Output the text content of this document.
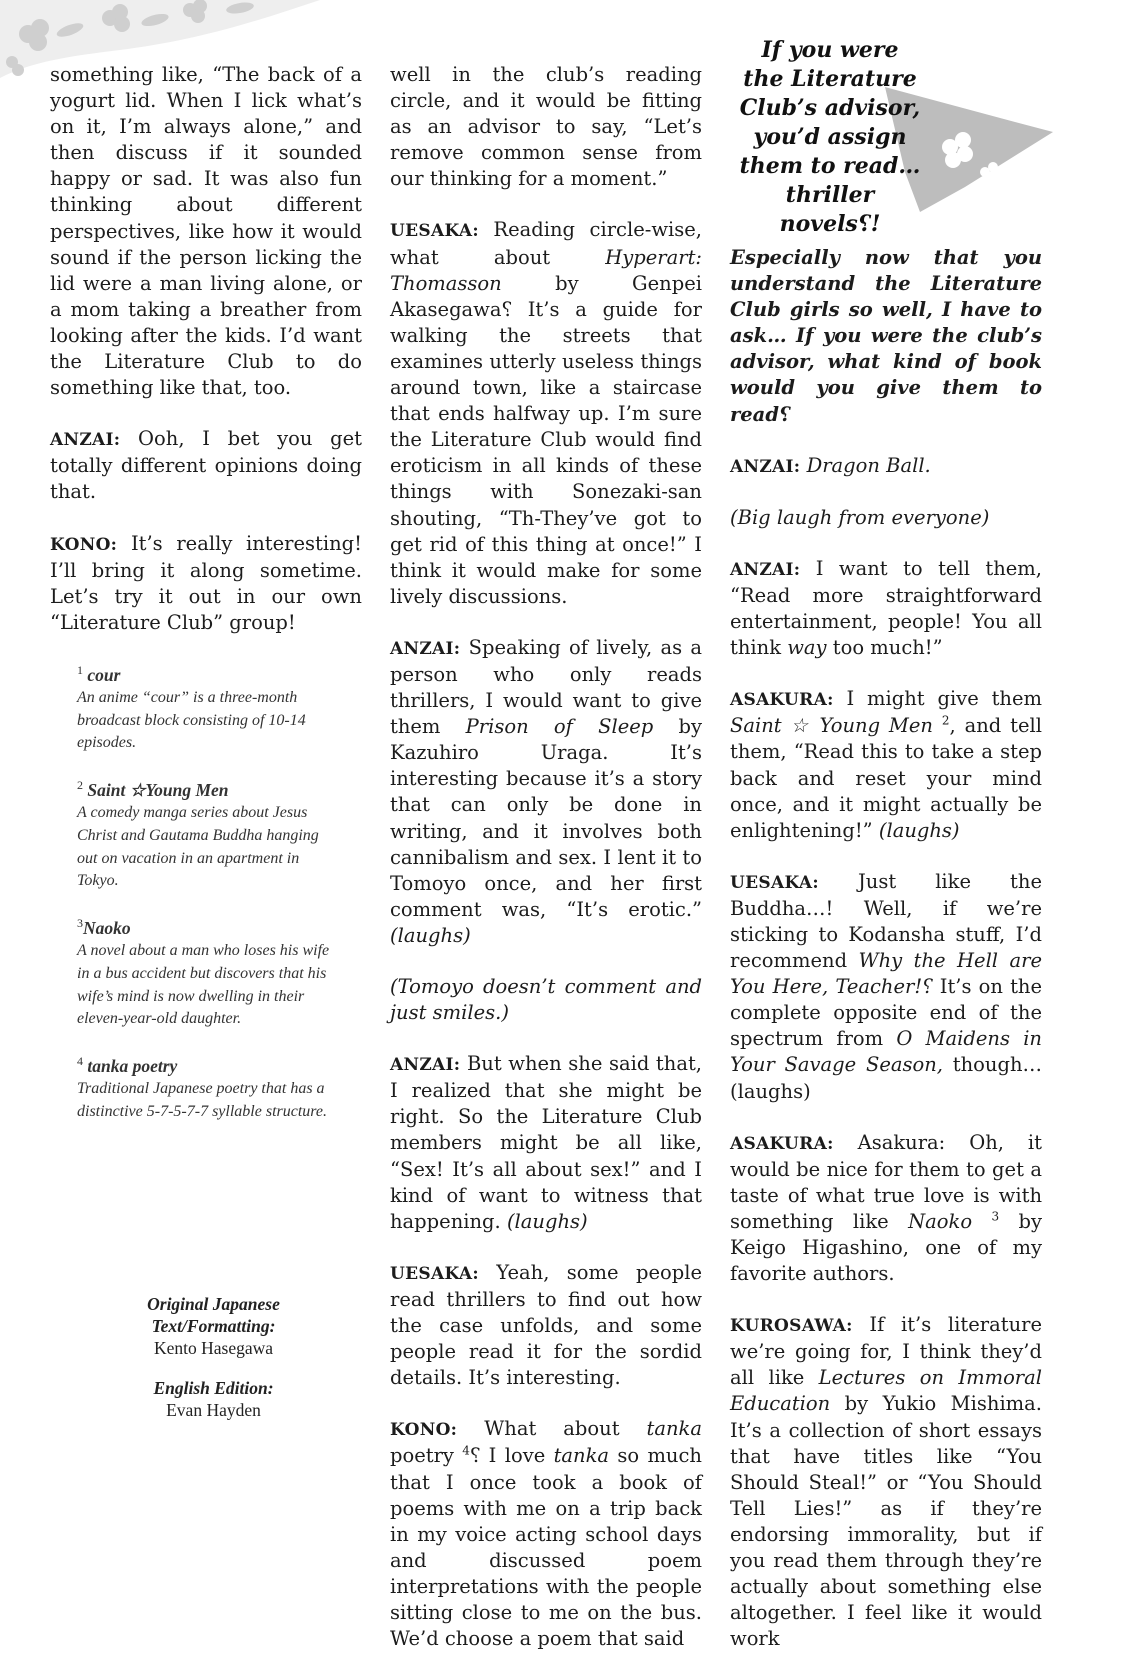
If you were
the Literature
Club’s advisor,
you’d assign
them to read…
thriller novels⸮!

something like, “The back of a yogurt lid. When I lick what’s on it, I’m always alone,” and then discuss if it sounded happy or sad. It was also fun thinking about different perspectives, like how it would sound if the person licking the lid were a man living alone, or a mom taking a breather from looking after the kids. I’d want the Literature Club to do something like that, too.

ANZAI: Ooh, I bet you get totally different opinions doing that.

KONO: It’s really interesting! I’ll bring it along sometime. Let’s try it out in our own “Literature Club” group!

$^1$ cour
An anime “cour” is a three-month broadcast block consisting of 10-14 episodes.
$^2$ Saint ☆Young Men
A comedy manga series about Jesus Christ and Gautama Buddha hanging out on vacation in an apartment in Tokyo.
$^3$Naoko
A novel about a man who loses his wife in a bus accident but discovers that his wife’s mind is now dwelling in their eleven-year-old daughter.
$^4$ tanka poetry
Traditional Japanese poetry that has a distinctive 5-7-5-7-7 syllable structure.
Original Japanese Text/Formatting:
Kento Hasegawa
English Edition:
Evan Hayden

well in the club’s reading circle, and it would be fitting as an advisor to say, “Let’s remove common sense from our thinking for a moment.”

UESAKA: Reading circle-wise, what about Hyperart: Thomasson by Genpei Akasegawa⸮ It’s a guide for walking the streets that examines utterly useless things around town, like a staircase that ends halfway up. I’m sure the Literature Club would find eroticism in all kinds of these things with Sonezaki-san shouting, “Th-They’ve got to get rid of this thing at once!” I think it would make for some lively discussions.

ANZAI: Speaking of lively, as a person who only reads thrillers, I would want to give them Prison of Sleep by Kazuhiro Uraga. It’s interesting because it’s a story that can only be done in writing, and it involves both cannibalism and sex. I lent it to Tomoyo once, and her first comment was, “It’s erotic.” (laughs)

(Tomoyo doesn’t comment and just smiles.)

ANZAI: But when she said that, I realized that she might be right. So the Literature Club members might be all like, “Sex! It’s all about sex!” and I kind of want to witness that happening. (laughs)

UESAKA: Yeah, some people read thrillers to find out how the case unfolds, and some people read it for the sordid details. It’s interesting.

KONO: What about tanka poetry $^4$⸮ I love tanka so much that I once took a book of poems with me on a trip back in my voice acting school days and discussed poem interpretations with the people sitting close to me on the bus. We’d choose a poem that said

Especially now that you understand the Literature Club girls so well, I have to ask… If you were the club’s advisor, what kind of book would you give them to read⸮

ANZAI: Dragon Ball.

(Big laugh from everyone)

ANZAI: I want to tell them, “Read more straightforward entertainment, people! You all think way too much!”

ASAKURA: I might give them Saint ☆ Young Men $^2$, and tell them, “Read this to take a step back and reset your mind once, and it might actually be enlightening!” (laughs)

UESAKA: Just like the Buddha…! Well, if we’re sticking to Kodansha stuff, I’d recommend Why the Hell are You Here, Teacher!⸮ It’s on the complete opposite end of the spectrum from O Maidens in Your Savage Season, though… (laughs)

ASAKURA: Asakura: Oh, it would be nice for them to get a taste of what true love is with something like Naoko $^3$ by Keigo Higashino, one of my favorite authors.

KUROSAWA: If it’s literature we’re going for, I think they’d all like Lectures on Immoral Education by Yukio Mishima. It’s a collection of short essays that have titles like “You Should Steal!” or “You Should Tell Lies!” as if they’re endorsing immorality, but if you read them through they’re actually about something else altogether. I feel like it would work
